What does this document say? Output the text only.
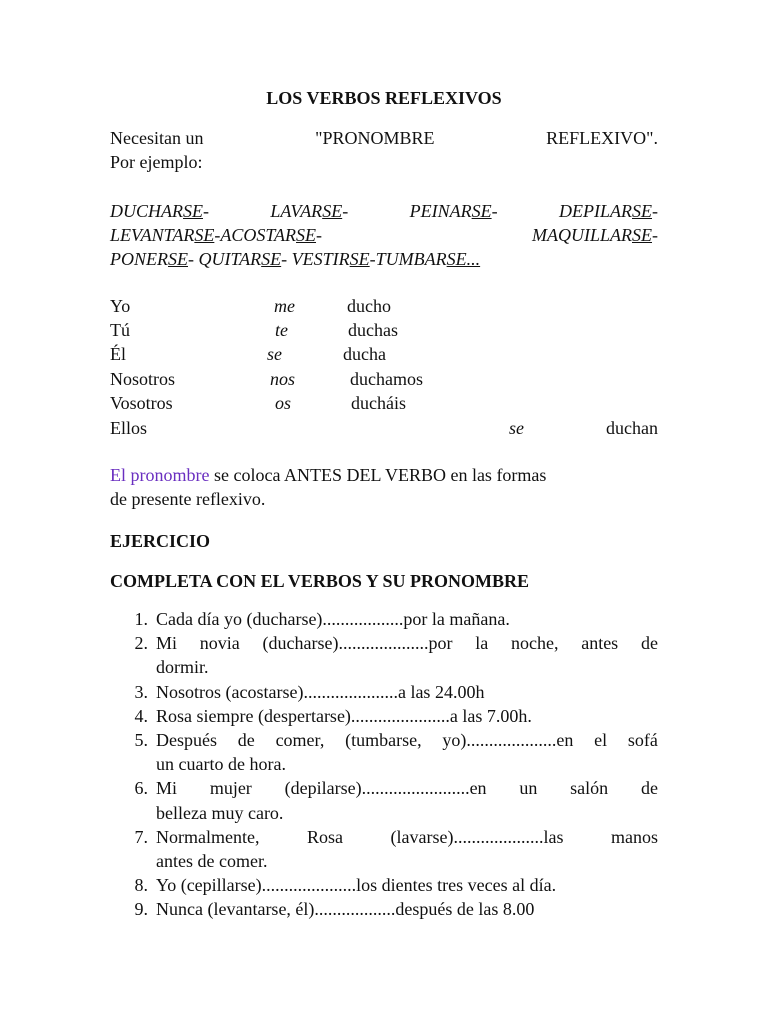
LOS VERBOS REFLEXIVOS
Necesitan un	"PRONOMBRE	REFLEXIVO".
Por ejemplo:
DUCHARSE-	LAVARSE-	PEINARSE-	DEPILARSE-
LEVANTARSE-ACOSTARSE-	MAQUILLARSE-
PONERSE- QUITARSE- VESTIRSE-TUMBARSE...
Yo	me	ducho
Tú	te	duchas
Él	se	ducha
Nosotros	nos	duchamos
Vosotros	os	ducháis
Ellos	se	duchan
El pronombre se coloca ANTES DEL VERBO en las formas
de presente reflexivo.
EJERCICIO
COMPLETA CON EL VERBOS Y SU PRONOMBRE
1. Cada día yo (ducharse)..................por la mañana.
2. Mi novia (ducharse)....................por la noche, antes de
dormir.
3. Nosotros (acostarse).....................a las 24.00h
4. Rosa siempre (despertarse)......................a las 7.00h.
5. Después de comer, (tumbarse, yo)....................en el sofá
un cuarto de hora.
6. Mi mujer (depilarse)........................en un salón de
belleza muy caro.
7. Normalmente,	Rosa	(lavarse)....................las	manos
antes de comer.
8. Yo (cepillarse).....................los dientes tres veces al día.
9. Nunca (levantarse, él)..................después de las 8.00
